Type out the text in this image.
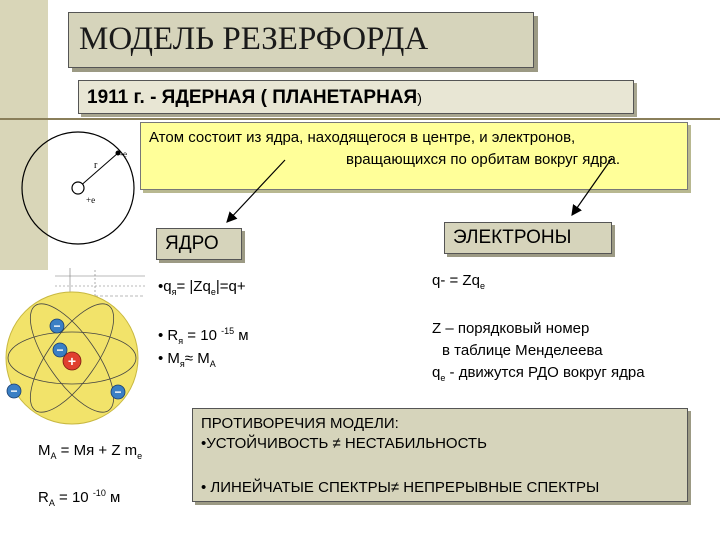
МОДЕЛЬ РЕЗЕРФОРДА
1911 г. - ЯДЕРНАЯ ( ПЛАНЕТАРНАЯ)
Атом состоит из ядра, находящегося в центре, и электронов,
вращающихся по орбитам вокруг ядра.
r
-e
+e
+
−
−
−	−
ЯДРО	ЭЛЕКТРОНЫ
$•q_я= |Zq_e|=q+$
• $R_я = 10$ $^{-15}$ м
• $M_я\approx M_A$
$q- = Zq_e$
Z – порядковый номер
в таблице Менделеева
$q_e$ - движутся РДО вокруг ядра
$M_A$ = Mя + Z $m_e$
$R_A = 10$ $^{-10}$ м
ПРОТИВОРЕЧИЯ МОДЕЛИ:
•УСТОЙЧИВОСТЬ ≠ НЕСТАБИЛЬНОСТЬ
• ЛИНЕЙЧАТЫЕ СПЕКТРЫ≠ НЕПРЕРЫВНЫЕ СПЕКТРЫ
